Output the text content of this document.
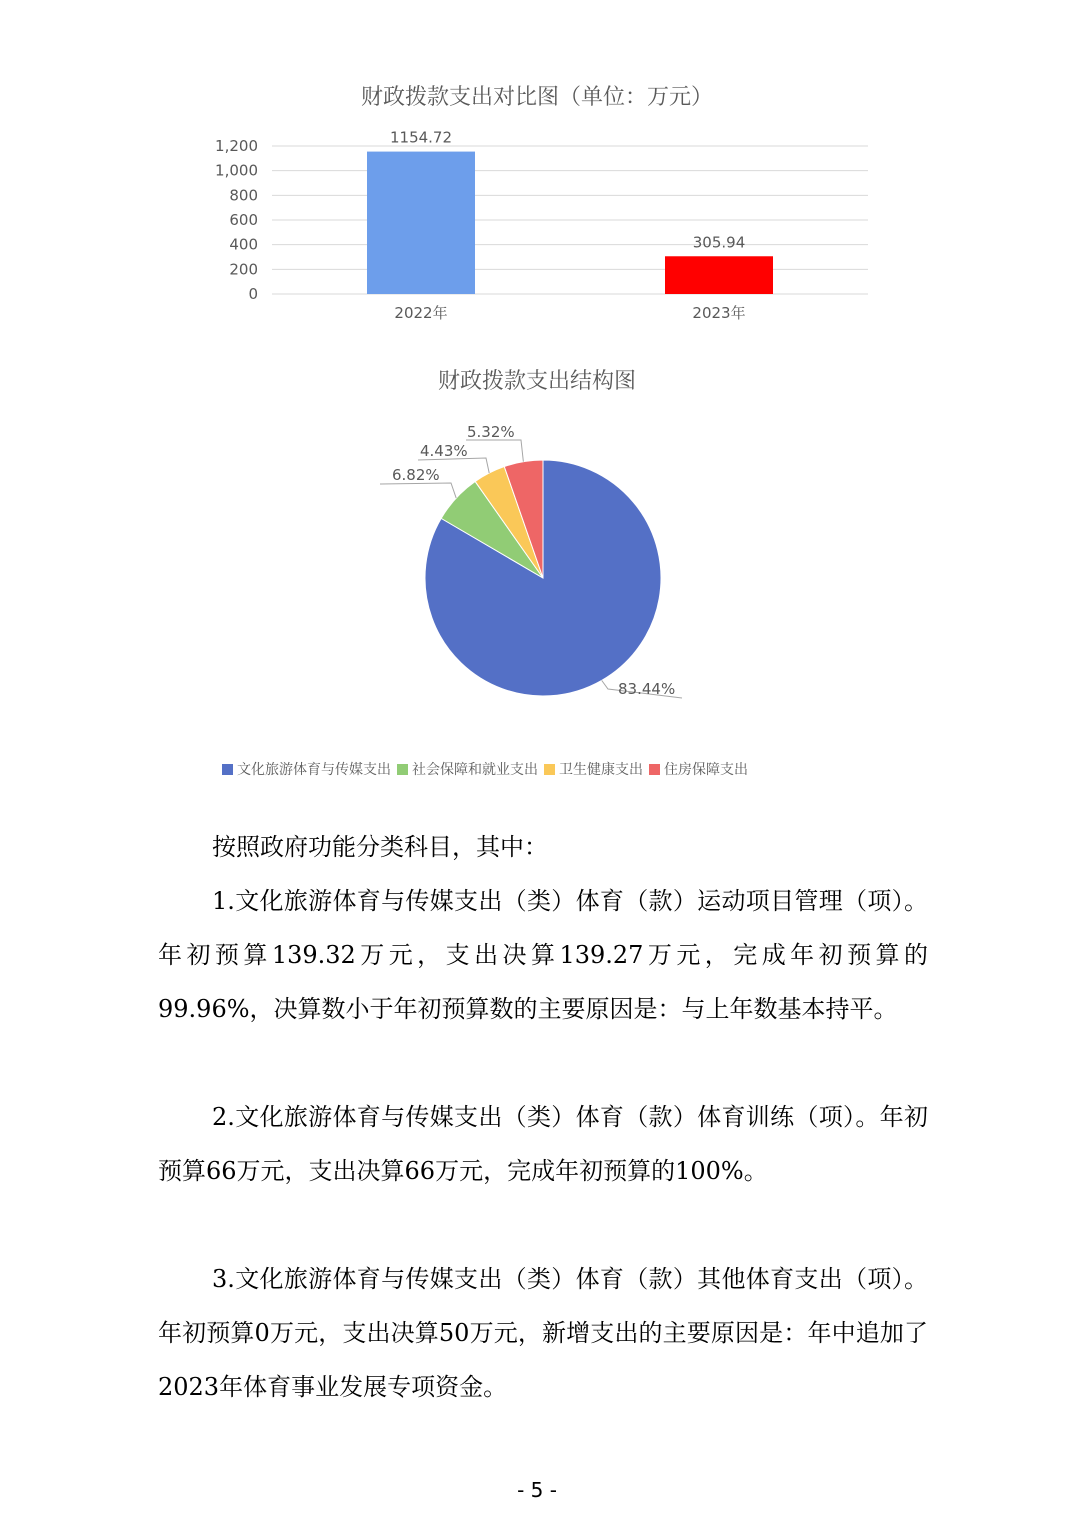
财政拨款支出对比图（单位：万元）
0
200
400
600
800
1,000
1,200	1154.72
2022年
305.94
2023年
财政拨款支出结构图
83.44%
6.82%
4.43%
5.32%
文化旅游体育与传媒支出 社会保障和就业支出 卫生健康支出 住房保障支出

按照政府功能分类科目，其中：

1.文化旅游体育与传媒支出（类）体育（款）运动项目管理（项）。年初预算139.32万元，支出决算139.27万元，完成年初预算的99.96%，决算数小于年初预算数的主要原因是：与上年数基本持平。

2.文化旅游体育与传媒支出（类）体育（款）体育训练（项）。年初预算66万元，支出决算66万元，完成年初预算的100%。

3.文化旅游体育与传媒支出（类）体育（款）其他体育支出（项）。年初预算0万元，支出决算50万元，新增支出的主要原因是：年中追加了2023年体育事业发展专项资金。

- 5 -
